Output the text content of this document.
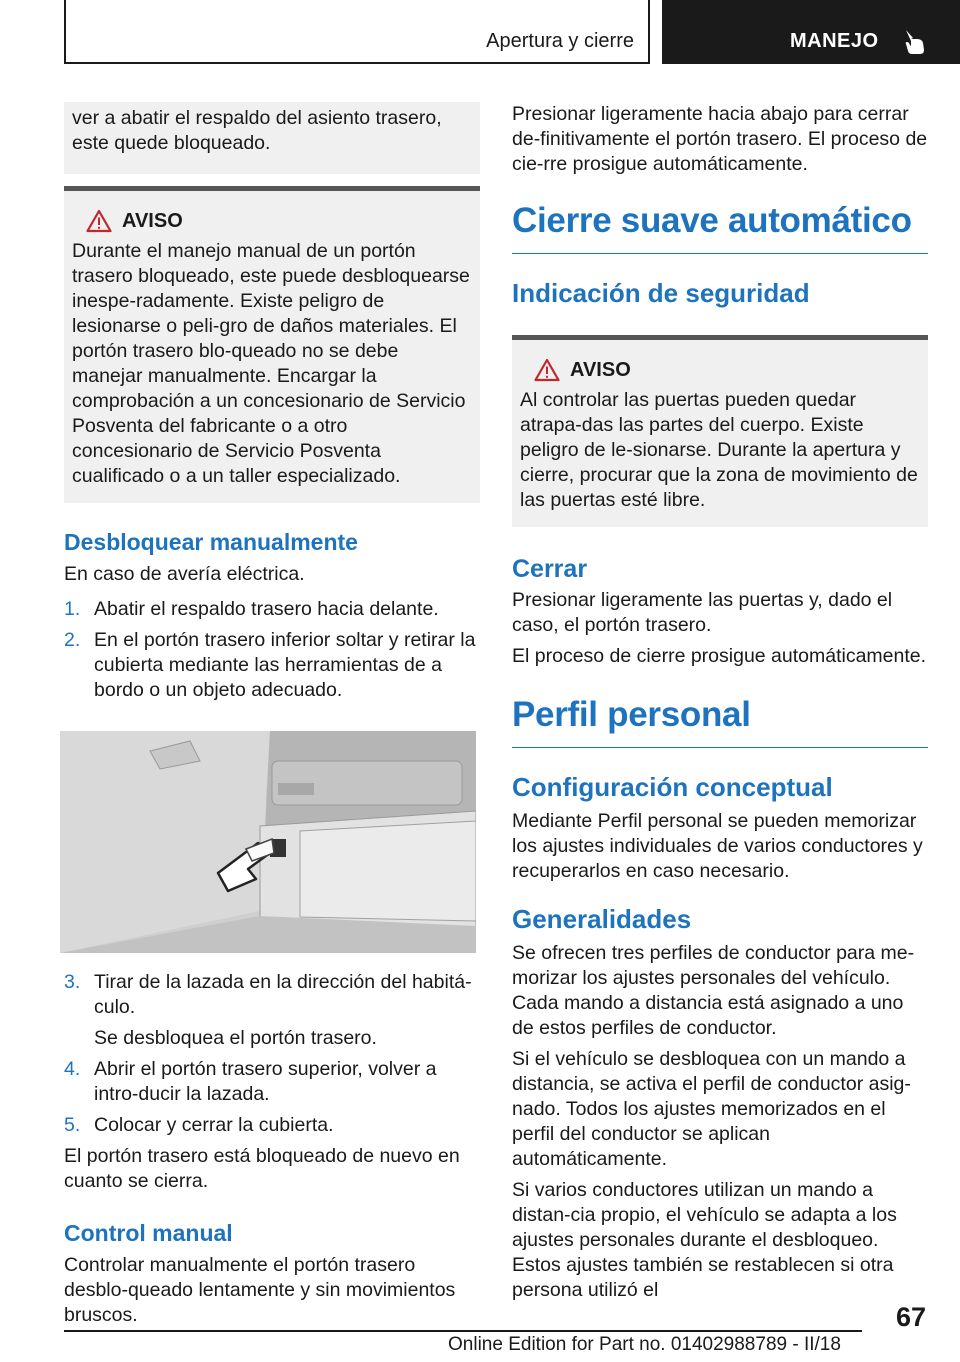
Apertura y cierre	MANEJO

ver a abatir el respaldo del asiento trasero, este quede bloqueado.

AVISO

Durante el manejo manual de un portón trasero bloqueado, este puede desbloquearse inespe-radamente. Existe peligro de lesionarse o peli-gro de daños materiales. El portón trasero blo-queado no se debe manejar manualmente. Encargar la comprobación a un concesionario de Servicio Posventa del fabricante o a otro concesionario de Servicio Posventa cualificado o a un taller especializado.

Desbloquear manualmente

En caso de avería eléctrica.

1. Abatir el respaldo trasero hacia delante.
2. En el portón trasero inferior soltar y retirar la cubierta mediante las herramientas de a bordo o un objeto adecuado.
3. Tirar de la lazada en la dirección del habitá-culo.

Se desbloquea el portón trasero.

4. Abrir el portón trasero superior, volver a intro-ducir la lazada.
5. Colocar y cerrar la cubierta.

El portón trasero está bloqueado de nuevo en cuanto se cierra.

Control manual

Controlar manualmente el portón trasero desblo-queado lentamente y sin movimientos bruscos.

Presionar ligeramente hacia abajo para cerrar de-finitivamente el portón trasero. El proceso de cie-rre prosigue automáticamente.

Cierre suave automático
Indicación de seguridad
AVISO

Al controlar las puertas pueden quedar atrapa-das las partes del cuerpo. Existe peligro de le-sionarse. Durante la apertura y cierre, procurar que la zona de movimiento de las puertas esté libre.

Cerrar

Presionar ligeramente las puertas y, dado el caso, el portón trasero.

El proceso de cierre prosigue automáticamente.

Perfil personal
Configuración conceptual

Mediante Perfil personal se pueden memorizar los ajustes individuales de varios conductores y recuperarlos en caso necesario.

Generalidades

Se ofrecen tres perfiles de conductor para me-morizar los ajustes personales del vehículo. Cada mando a distancia está asignado a uno de estos perfiles de conductor.

Si el vehículo se desbloquea con un mando a distancia, se activa el perfil de conductor asig-nado. Todos los ajustes memorizados en el perfil del conductor se aplican automáticamente.

Si varios conductores utilizan un mando a distan-cia propio, el vehículo se adapta a los ajustes personales durante el desbloqueo. Estos ajustes también se restablecen si otra persona utilizó el

67
Online Edition for Part no. 01402988789 - II/18
